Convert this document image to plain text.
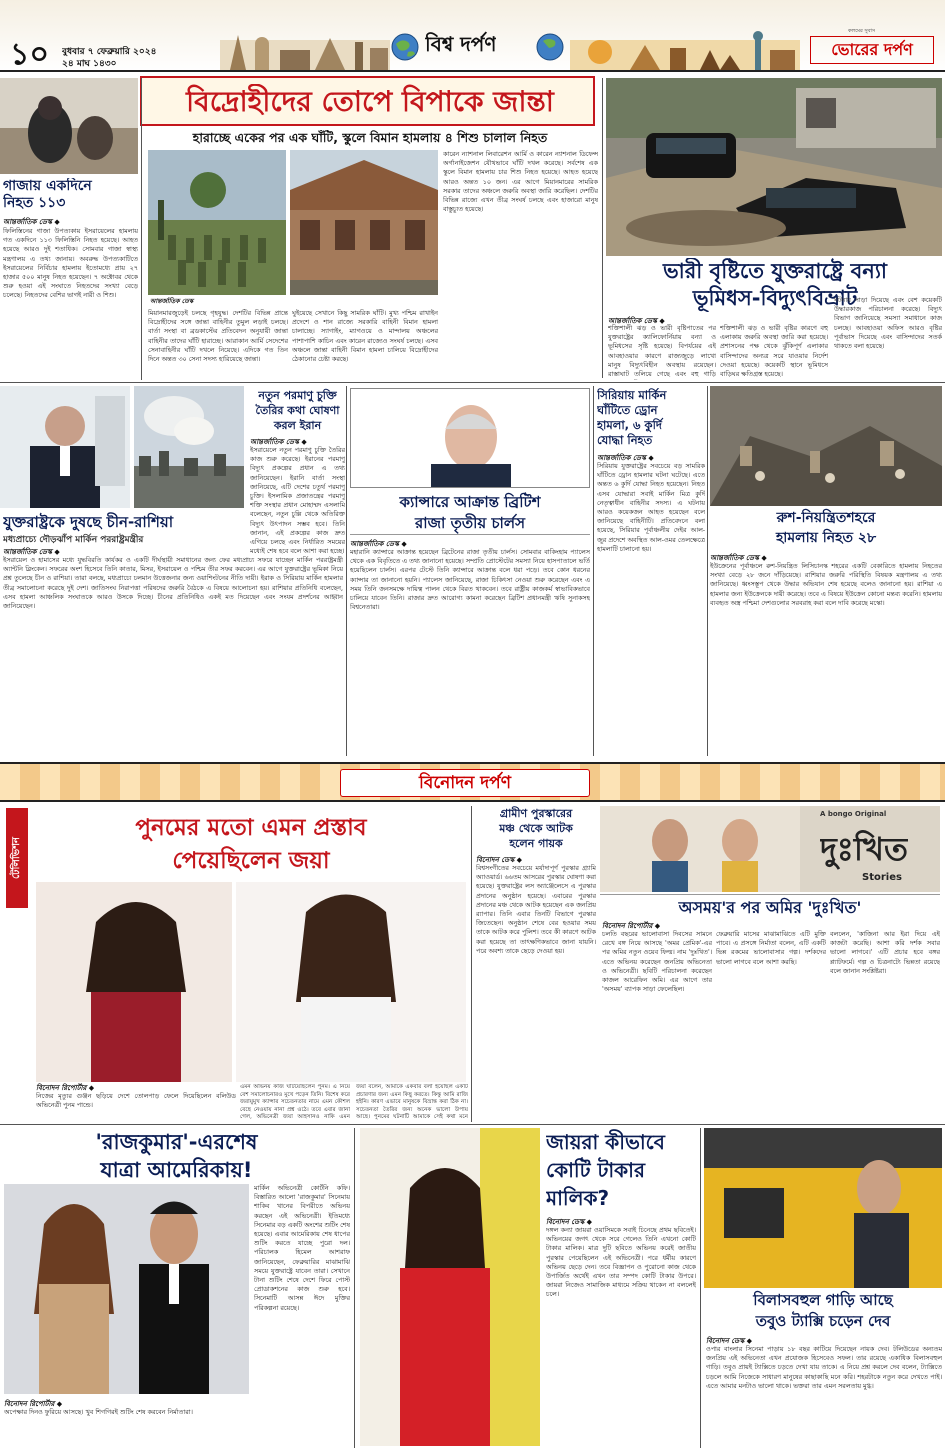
১০ বুধবার ৭ ফেব্রুয়ারি ২০২৪
২৪ মাঘ ১৪৩০
বিশ্ব দর্পণ
কলমের সুবাস
ভোরের দর্পণ
বিদ্রোহীদের তোপে বিপাকে জান্তা
হারাচ্ছে একের পর এক ঘাঁটি, স্কুলে বিমান হামলায় ৪ শিশু চালাল নিহত
আন্তর্জাতিক ডেস্ক
মিয়ানমারজুড়েই চলছে গৃহযুদ্ধ। দেশটির বিভিন্ন প্রান্তে বিদ্রোহীদের সঙ্গে জান্তা বাহিনীর তুমুল লড়াই চলছে। বার্তা সংস্থা বা ব্রডকাস্টের প্রতিবেদন অনুযায়ী জান্তা বাহিনীর তাদের ঘাঁটি হারাচ্ছে। আরাকান আর্মি সেদেশের সেনাবাহিনীর ঘাঁটি দখলে নিয়েছে। এদিকে গত তিন দিনে অন্তত ৩০ সেনা সদস্য হারিয়েছে জান্তা।
ঘুইয়েছে সেখানে কিছু সামরিক ঘাঁটি। মুখ্য পশ্চিম রাখাইন প্রদেশে ও শান রাজ্যে সরকারি বাহিনী বিমান হামলা চালাচ্ছে। স্যাগাইং, ম্যাগওয়ে ও মান্দালয় অঞ্চলের পাশাপাশি কাচিন এবং কারেন রাজ্যেও সংঘর্ষ চলছে। এসব অঞ্চলে জান্তা বাহিনী বিমান হামলা চালিয়ে বিদ্রোহীদের ঠেকানোর চেষ্টা করছে।
কারেন ন্যাশনাল লিবারেশন আর্মি ও কারেন ন্যাশনাল ডিফেন্স অর্গানাইজেশন যৌথভাবে ঘাঁটি দখল করেছে। সর্বশেষ এক স্কুলে বিমান হামলায় চার শিশু নিহত হয়েছে। আহত হয়েছে আরও অন্তত ১০ জন। এর আগে মিয়ানমারের সামরিক সরকার তাদের অঞ্চলে জরুরি অবস্থা জারি করেছিল। দেশটির বিভিন্ন রাজ্যে এখন তীব্র সংঘর্ষ চলছে এবং হাজারো মানুষ বাস্তুচ্যুত হয়েছে।
গাজায় একদিনে
নিহত ১১৩
আন্তর্জাতিক ডেস্ক ◆
ফিলিস্তিনের গাজা উপত্যকায় ইসরায়েলের হামলায় গত একদিনে ১১৩ ফিলিস্তিনি নিহত হয়েছে। আহত হয়েছে আরও দুই শতাধিক। সোমবার গাজা স্বাস্থ্য মন্ত্রণালয় এ তথ্য জানায়। অবরুদ্ধ উপত্যকাটিতে ইসরায়েলের নির্বিচার হামলায় ইতোমধ্যে প্রায় ২৭ হাজার ৫০০ মানুষ নিহত হয়েছেন। ৭ অক্টোবর থেকে শুরু হওয়া এই সংঘাতে নিহতদের সংখ্যা বেড়ে চলেছে। নিহতদের বেশির ভাগই নারী ও শিশু।
ভারী বৃষ্টিতে যুক্তরাষ্ট্রে বন্যা
ভূমিধস-বিদ্যুৎবিভ্রাট
আন্তর্জাতিক ডেস্ক ◆
শক্তিশালী ঝড় ও ভারী বৃষ্টিপাতের পর যুক্তরাষ্ট্রের ক্যালিফোর্নিয়ায় বন্যা ও ভূমিধসের সৃষ্টি হয়েছে। বিপর্যয়ের এই আবহাওয়ার কারণে রাজ্যজুড়ে লাখো মানুষ বিদ্যুৎবিহীন অবস্থায় রয়েছেন। রাস্তাঘাট তলিয়ে গেছে এবং বহু গাড়ি
শক্তিশালী ঝড় ও ভারী বৃষ্টির কারণে বহু এলাকায় জরুরি অবস্থা জারি করা হয়েছে। প্রশাসনের পক্ষ থেকে ঝুঁকিপূর্ণ এলাকার বাসিন্দাদের অন্যত্র সরে যাওয়ার নির্দেশ দেওয়া হয়েছে। কয়েকটি স্থানে ভূমিধসে বাড়িঘর ক্ষতিগ্রস্ত হয়েছে।
ঘটনায় সাড়া দিয়েছে এবং বেশ কয়েকটি উদ্ধারকাজ পরিচালনা করেছে। বিদ্যুৎ বিভাগ জানিয়েছে সমস্যা সমাধানে কাজ চলছে। আবহাওয়া অফিস আরও বৃষ্টির পূর্বাভাস দিয়েছে এবং বাসিন্দাদের সতর্ক থাকতে বলা হয়েছে।
যুক্তরাষ্ট্রকে দুষছে চীন-রাশিয়া
মধ্যপ্রাচ্যে দৌড়ঝাঁপ মার্কিন পররাষ্ট্রমন্ত্রীর
আন্তর্জাতিক ডেস্ক ◆
ইসরায়েল ও হামাসের মধ্যে যুদ্ধবিরতি কার্যকর ও একটি দীর্ঘস্থায়ী সমাধানের জন্য ফের মধ্যপ্রাচ্য সফরে যাচ্ছেন মার্কিন পররাষ্ট্রমন্ত্রী অ্যান্টনি ব্লিংকেন। সফরের অংশ হিসেবে তিনি কাতার, মিসর, ইসরায়েল ও পশ্চিম তীর সফর করবেন। এর আগে যুক্তরাষ্ট্রের ভূমিকা নিয়ে প্রশ্ন তুলেছে চীন ও রাশিয়া। তারা বলছে, মধ্যপ্রাচ্যে চলমান উত্তেজনার জন্য ওয়াশিংটনের নীতি দায়ী। ইরাক ও সিরিয়ায় মার্কিন হামলার তীব্র সমালোচনা করেছে দুই দেশ। জাতিসংঘ নিরাপত্তা পরিষদের জরুরি বৈঠকে এ বিষয়ে আলোচনা হয়। রাশিয়ার প্রতিনিধি বলেছেন, এসব হামলা আঞ্চলিক সংঘাতকে আরও উসকে দিচ্ছে। চীনের প্রতিনিধিও একই মত দিয়েছেন এবং সংযম প্রদর্শনের আহ্বান জানিয়েছেন।
নতুন পরমাণু চুক্তি
তৈরির কথা ঘোষণা
করল ইরান
আন্তর্জাতিক ডেস্ক ◆
ইসরায়েলে নতুন পরমাণু চুক্তি তৈরির কাজ শুরু করেছে। ইরানের পরমাণু বিদ্যুৎ প্রকল্পের প্রধান এ তথ্য জানিয়েছেন। ইরানি বার্তা সংস্থা জানিয়েছে, এটি দেশের চতুর্থ পরমাণু চুক্তি। ইসলামিক প্রজাতন্ত্রের পরমাণু শক্তি সংস্থার প্রধান মোহাম্মদ এসলামি বলেছেন, নতুন চুল্লি থেকে অতিরিক্ত বিদ্যুৎ উৎপাদন সম্ভব হবে। তিনি জানান, এই প্রকল্পের কাজ দ্রুত এগিয়ে চলছে এবং নির্ধারিত সময়ের মধ্যেই শেষ হবে বলে আশা করা হচ্ছে।
ক্যান্সারে আক্রান্ত ব্রিটিশ
রাজা তৃতীয় চার্লস
আন্তর্জাতিক ডেস্ক ◆
মহারানি ক্যান্সারে আক্রান্ত হয়েছেন ব্রিটেনের রাজা তৃতীয় চার্লস। সোমবার বাকিংহাম প্যালেস থেকে এক বিবৃতিতে এ তথ্য জানানো হয়েছে। সম্প্রতি প্রোস্টেটের সমস্যা নিয়ে হাসপাতালে ভর্তি হয়েছিলেন চার্লস। এরপর টেস্টে তিনি ক্যান্সারে আক্রান্ত বলে ধরা পড়ে। তবে কোন ধরনের ক্যান্সার তা জানানো হয়নি। প্যালেস জানিয়েছে, রাজা চিকিৎসা নেওয়া শুরু করেছেন এবং এ সময় তিনি জনসমক্ষে দায়িত্ব পালন থেকে বিরত থাকবেন। তবে রাষ্ট্রীয় কাজকর্ম স্বাভাবিকভাবে চালিয়ে যাবেন তিনি। রাজার দ্রুত আরোগ্য কামনা করেছেন ব্রিটিশ প্রধানমন্ত্রী ঋষি সুনাকসহ বিশ্বনেতারা।
সিরিয়ায় মার্কিন
ঘাঁটিতে ড্রোন
হামলা, ৬ কুর্দি
যোদ্ধা নিহত
আন্তর্জাতিক ডেস্ক ◆
সিরিয়ায় যুক্তরাষ্ট্রের সবচেয়ে বড় সামরিক ঘাঁটিতে ড্রোন হামলার ঘটনা ঘটেছে। এতে অন্তত ৬ কুর্দি যোদ্ধা নিহত হয়েছেন। নিহত এসব যোদ্ধারা সবাই মার্কিন মিত্র কুর্দি নেতৃত্বাধীন বাহিনীর সদস্য। এ ঘটনায় আরও কয়েকজন আহত হয়েছেন বলে জানিয়েছে বাহিনীটি। প্রতিবেদনে বলা হয়েছে, সিরিয়ার পূর্বাঞ্চলীয় দেইর আল-জুর প্রদেশে অবস্থিত আল-ওমর তেলক্ষেত্রে হামলাটি চালানো হয়।
রুশ-নিয়ন্ত্রিতশহরে
হামলায় নিহত ২৮
আন্তর্জাতিক ডেস্ক ◆
ইউক্রেনের পূর্বাঞ্চলে রুশ-নিয়ন্ত্রিত লিসিচানস্ক শহরের একটি বেকারিতে হামলায় নিহতের সংখ্যা বেড়ে ২৮ জনে দাঁড়িয়েছে। রাশিয়ার জরুরি পরিস্থিতি বিষয়ক মন্ত্রণালয় এ তথ্য জানিয়েছে। ধ্বংসস্তূপ থেকে উদ্ধার অভিযান শেষ হয়েছে বলেও জানানো হয়। রাশিয়া এ হামলার জন্য ইউক্রেনকে দায়ী করেছে। তবে এ বিষয়ে ইউক্রেন কোনো মন্তব্য করেনি। হামলায় ব্যবহৃত অস্ত্র পশ্চিমা দেশগুলোর সরবরাহ করা বলে দাবি করেছে মস্কো।
বিনোদন দর্পণ
টেলিভিশন
পুনমের মতো এমন প্রস্তাব
পেয়েছিলেন জয়া
বিনোদন রিপোর্টার ◆
নিজের মৃত্যুর গুঞ্জন ছড়িয়ে দেশে তোলপাড় ফেলে দিয়েছিলেন বলিউড অভিনেত্রী পুনম পান্ডে।
এমন অভিনয় কাজ ঘটিয়েছিলেন পুনম। এ নিয়ে বেশ সমালোচনারও মুখে পড়েন তিনি। বিশেষ করে জরায়ুমুখ ক্যান্সার সচেতনতার নামে এমন কৌশল বেছে নেওয়ায় নানা প্রশ্ন ওঠে। তবে এবার জানা গেল, অভিনেত্রী জয়া আহসানও নাকি এমন
জয়া বলেন, আমাকে একবার বলা হয়েছিল একটি প্রচারণার জন্য এমন কিছু করতে। কিন্তু আমি রাজি হইনি। কারণ এভাবে মানুষকে বিভ্রান্ত করা ঠিক না। সচেতনতা তৈরির জন্য অনেক ভালো উপায় আছে। পুনমের ঘটনাটি আমাকে সেই কথা মনে
গ্রামীণ পুরস্কারের
মঞ্চ থেকে আটক
হলেন গায়ক
বিনোদন ডেস্ক ◆
বিশ্বসংগীতের সবচেয়ে মর্যাদাপূর্ণ পুরস্কার গ্র্যামি অ্যাওয়ার্ড। ৬৬তম আসরের পুরস্কার ঘোষণা করা হয়েছে। যুক্তরাষ্ট্রের লস অ্যাঞ্জেলেসে এ পুরস্কার প্রদানের অনুষ্ঠান হয়েছে। এবারের পুরস্কার প্রদানের মঞ্চ থেকে আটক হয়েছেন এক জনপ্রিয় র‍্যাপার। তিনি এবার তিনটি বিভাগে পুরস্কার জিতেছেন। অনুষ্ঠান শেষে বের হওয়ার সময় তাকে আটক করে পুলিশ। তবে কী কারণে আটক করা হয়েছে তা তাৎক্ষণিকভাবে জানা যায়নি। পরে অবশ্য তাকে ছেড়ে দেওয়া হয়।
A bongo Original
দুঃখিত
Stories
অসময়'র পর অমির 'দুঃখিত'
বিনোদন রিপোর্টার ◆
চলতি বছরের ভালোবাসা দিবসের সামনে রেখে বঙ্গ নিয়ে আসছে 'অমর প্রেমিক'-এর পর অমির নতুন ওয়েব ফিল্ম। নাম 'দুঃখিত'। এতে অভিনয় করেছেন জনপ্রিয় অভিনেতা ও অভিনেত্রী। ছবিটি পরিচালনা করেছেন কাজল আরেফিন অমি। এর আগে তার 'অসময়' ব্যাপক সাড়া ফেলেছিল।
ফেব্রুয়ারি মাসের মাঝামাঝিতে এটি মুক্তি পাবে। এ প্রসঙ্গে নির্মাতা বলেন, এটি একটি ভিন্ন রকমের ভালোবাসার গল্প। দর্শকদের ভালো লাগবে বলে আশা করছি।
বললেন, 'কাজিনা আর ইরা দিয়ে এই কাজটা করেছি। আশা করি দর্শক সবার ভালো লাগবে।' এটি প্রচার হবে বঙ্গর প্ল্যাটফর্মে। গল্প ও চিত্রনাট্যে ভিন্নতা রয়েছে বলে জানান সংশ্লিষ্টরা।
'রাজকুমার'-এরশেষ
যাত্রা আমেরিকায়!
বিনোদন রিপোর্টার ◆
মার্কিন অভিনেত্রী কোর্টনি কফি। বিস্তারিত আলো 'রাজকুমার' সিনেমায় শাকিব খানের বিপরীতে অভিনয় করছেন এই অভিনেত্রী। ইতিমধ্যে সিনেমার বড় একটি অংশের শুটিং শেষ হয়েছে। এবার আমেরিকায় শেষ ধাপের শুটিং করতে যাচ্ছে পুরো দল। পরিচালক হিমেল আশরাফ জানিয়েছেন, ফেব্রুয়ারির মাঝামাঝি সময়ে যুক্তরাষ্ট্রে যাবেন তারা। সেখানে টানা শুটিং শেষে দেশে ফিরে পোস্ট প্রোডাকশনের কাজ শুরু হবে। সিনেমাটি আসন্ন ঈদে মুক্তির পরিকল্পনা রয়েছে।
অপেক্ষার দিনও ফুরিয়ে আসছে। খুব শিগগিরই শুটিং শেষ করবেন নির্মাতারা।
জায়রা কীভাবে
কোটি টাকার
মালিক?
বিনোদন ডেস্ক ◆
দঙ্গল কন্যা জায়রা ওয়াসিমকে সবাই চিনেছে প্রথম ছবিতেই। অভিনয়ের জগৎ থেকে সরে গেলেও তিনি এখনো কোটি টাকার মালিক। মাত্র দুটি ছবিতে অভিনয় করেই জাতীয় পুরস্কার পেয়েছিলেন এই অভিনেত্রী। পরে ধর্মীয় কারণে অভিনয় ছেড়ে দেন। তবে বিজ্ঞাপন ও পুরোনো কাজ থেকে উপার্জিত অর্থেই এখন তার সম্পদ কোটি টাকার উপরে। জায়রা নিজেও সামাজিক মাধ্যমে সক্রিয় থাকেন না বললেই চলে।	বিলাসবহুল গাড়ি আছে
তবুও ট্যাক্সি চড়েন দেব
বিনোদন ডেস্ক ◆
ওপার বাংলার সিনেমা পাড়ায় ১৮ বছর কাটিয়ে দিয়েছেন নায়ক দেব। টলিউডের অন্যতম জনপ্রিয় এই অভিনেতা এখন প্রযোজক হিসেবেও সফল। তার রয়েছে একাধিক বিলাসবহুল গাড়ি। তবুও প্রায়ই ট্যাক্সিতে চড়তে দেখা যায় তাকে। এ নিয়ে প্রশ্ন করলে দেব বলেন, ট্যাক্সিতে চড়লে আমি নিজেকে সাধারণ মানুষের কাছাকাছি মনে করি। শহরটাকে নতুন করে দেখতে পাই। এতে আমার মনটাও ভালো থাকে। ভক্তরা তার এমন সরলতায় মুগ্ধ।
